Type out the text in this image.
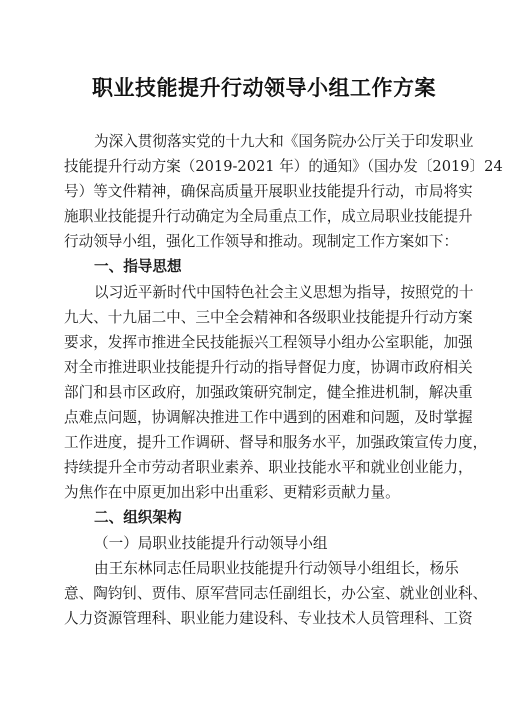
职业技能提升行动领导小组工作方案
为深入贯彻落实党的十九大和《国务院办公厅关于印发职业
技能提升行动方案（2019-2021 年）的通知》（国办发〔2019〕24
号）等文件精神，确保高质量开展职业技能提升行动，市局将实
施职业技能提升行动确定为全局重点工作，成立局职业技能提升
行动领导小组，强化工作领导和推动。现制定工作方案如下：
一、指导思想
以习近平新时代中国特色社会主义思想为指导，按照党的十
九大、十九届二中、三中全会精神和各级职业技能提升行动方案
要求，发挥市推进全民技能振兴工程领导小组办公室职能，加强
对全市推进职业技能提升行动的指导督促力度，协调市政府相关
部门和县市区政府，加强政策研究制定，健全推进机制，解决重
点难点问题，协调解决推进工作中遇到的困难和问题，及时掌握
工作进度，提升工作调研、督导和服务水平，加强政策宣传力度，
持续提升全市劳动者职业素养、职业技能水平和就业创业能力，
为焦作在中原更加出彩中出重彩、更精彩贡献力量。
二、组织架构
（一）局职业技能提升行动领导小组
由王东林同志任局职业技能提升行动领导小组组长，杨乐
意、陶钧钊、贾伟、原军营同志任副组长，办公室、就业创业科、
人力资源管理科、职业能力建设科、专业技术人员管理科、工资
